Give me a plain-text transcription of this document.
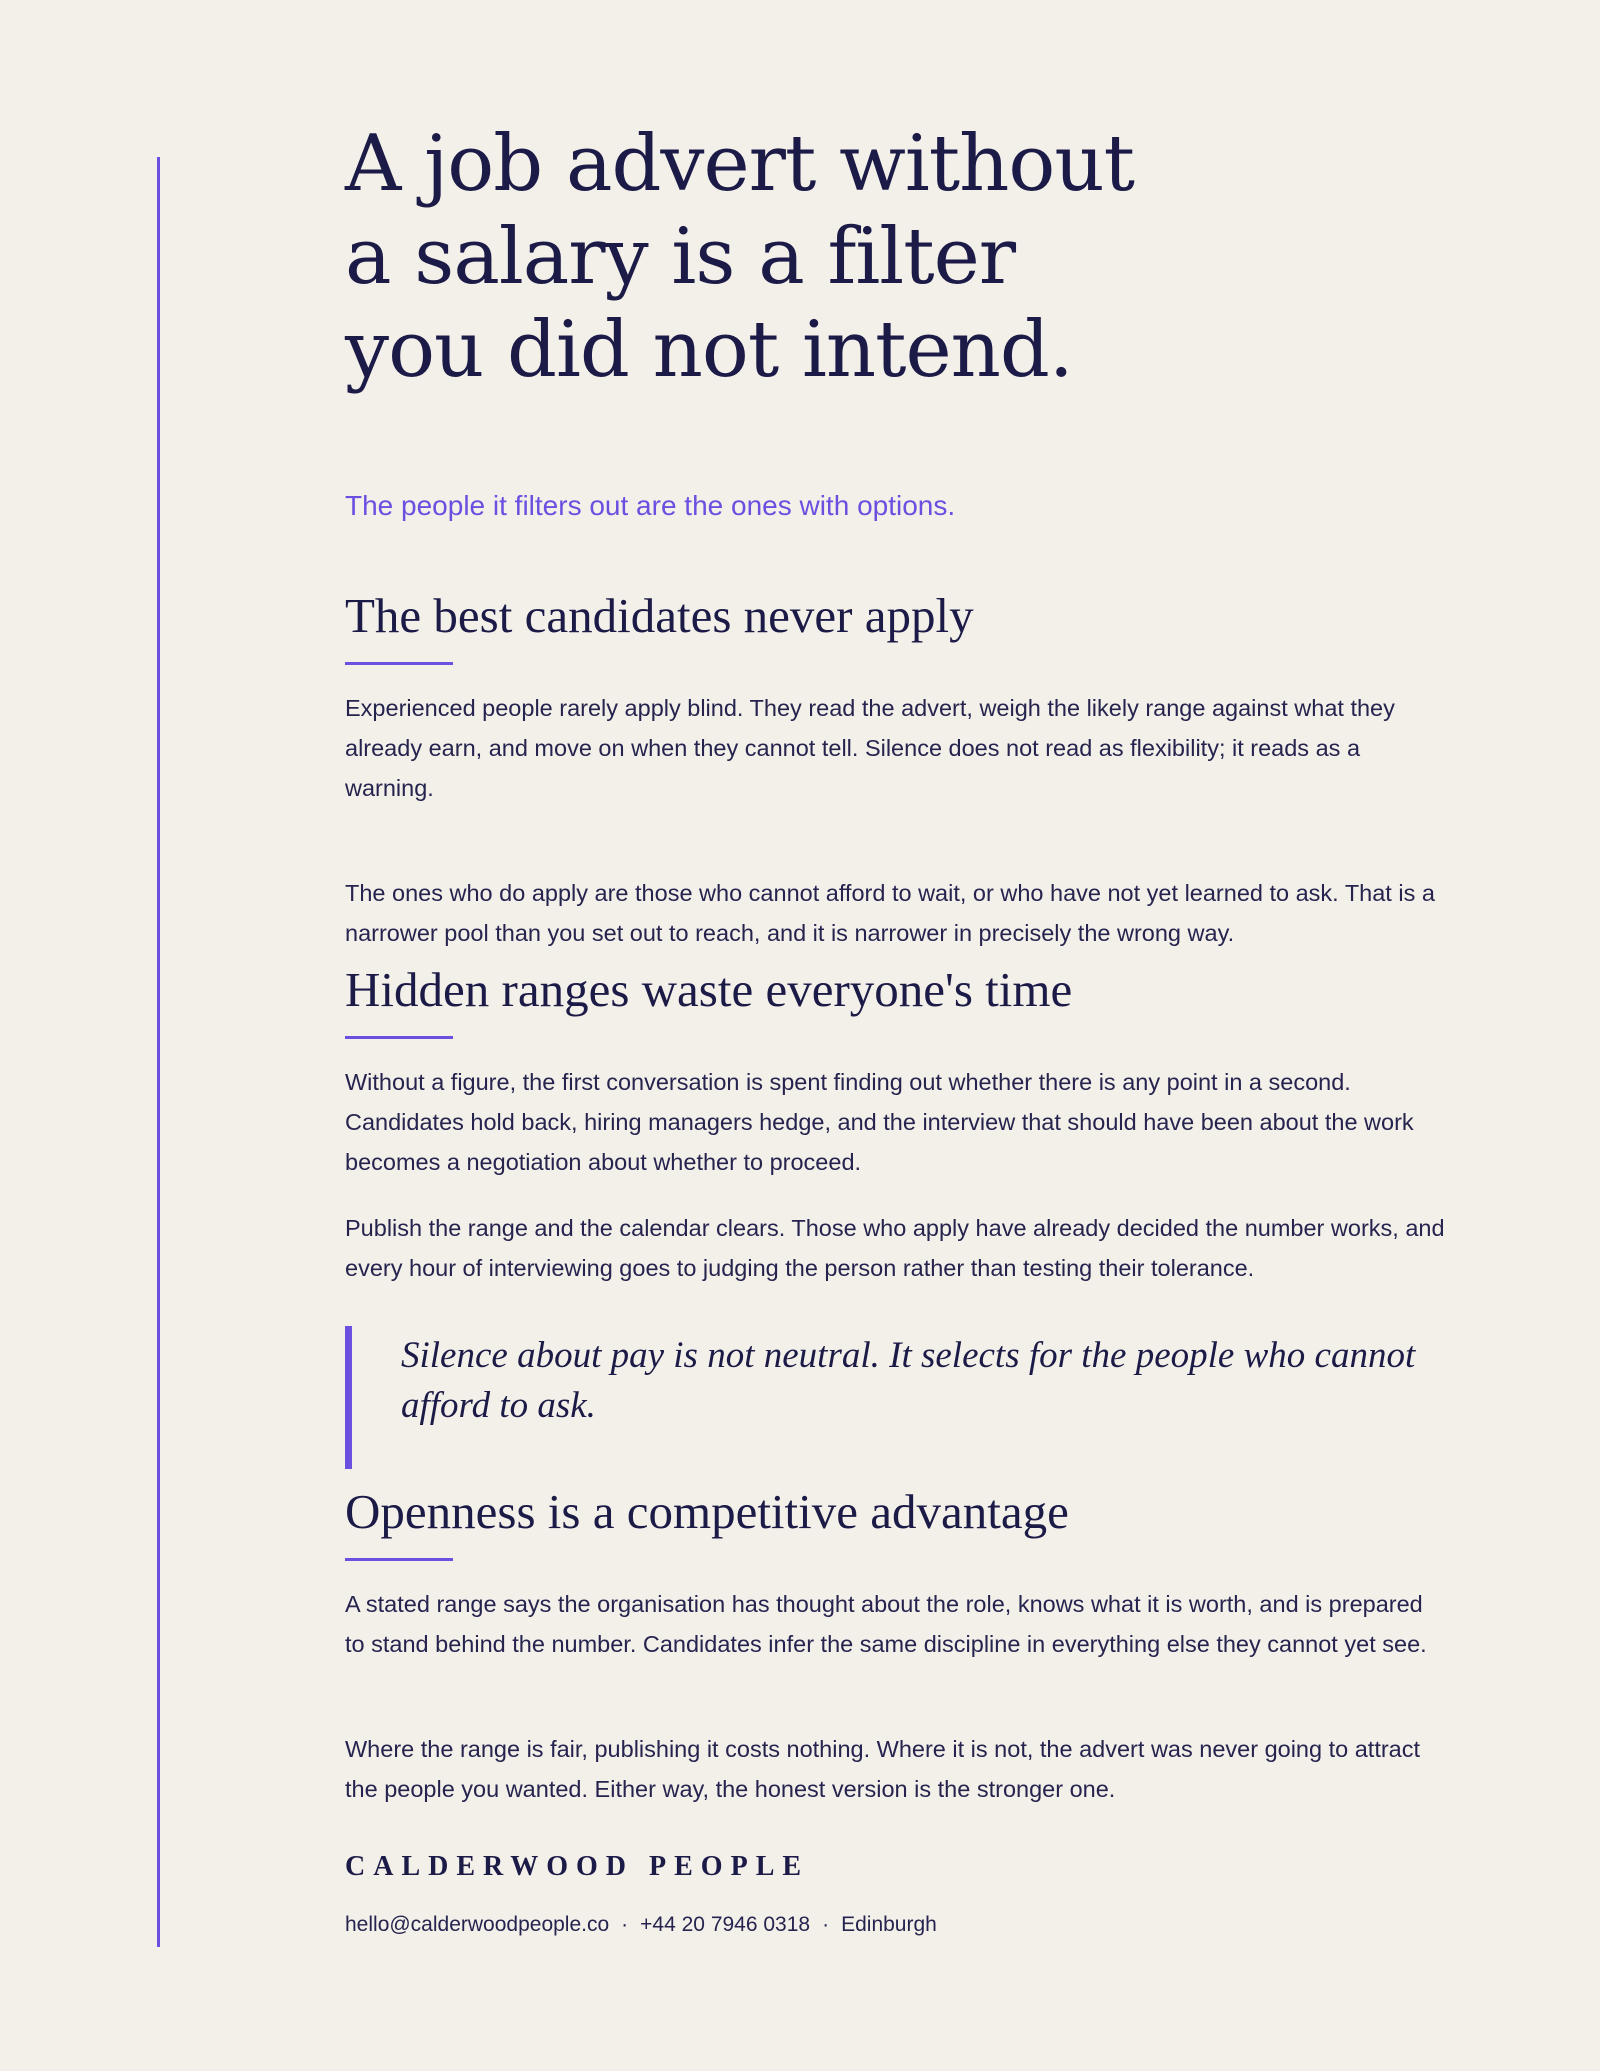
A job advert without
a salary is a filter
you did not intend.

The people it filters out are the ones with options.

The best candidates never apply

Experienced people rarely apply blind. They read the advert, weigh the likely range against what they already earn, and move on when they cannot tell. Silence does not read as flexibility; it reads as a warning.

The ones who do apply are those who cannot afford to wait, or who have not yet learned to ask. That is a narrower pool than you set out to reach, and it is narrower in precisely the wrong way.

Hidden ranges waste everyone's time

Without a figure, the first conversation is spent finding out whether there is any point in a second. Candidates hold back, hiring managers hedge, and the interview that should have been about the work becomes a negotiation about whether to proceed.

Publish the range and the calendar clears. Those who apply have already decided the number works, and every hour of interviewing goes to judging the person rather than testing their tolerance.

Silence about pay is not neutral. It selects for the people who cannot afford to ask.

Openness is a competitive advantage

A stated range says the organisation has thought about the role, knows what it is worth, and is prepared to stand behind the number. Candidates infer the same discipline in everything else they cannot yet see.

Where the range is fair, publishing it costs nothing. Where it is not, the advert was never going to attract the people you wanted. Either way, the honest version is the stronger one.

CALDERWOOD PEOPLE
hello@calderwoodpeople.co · +44 20 7946 0318 · Edinburgh
